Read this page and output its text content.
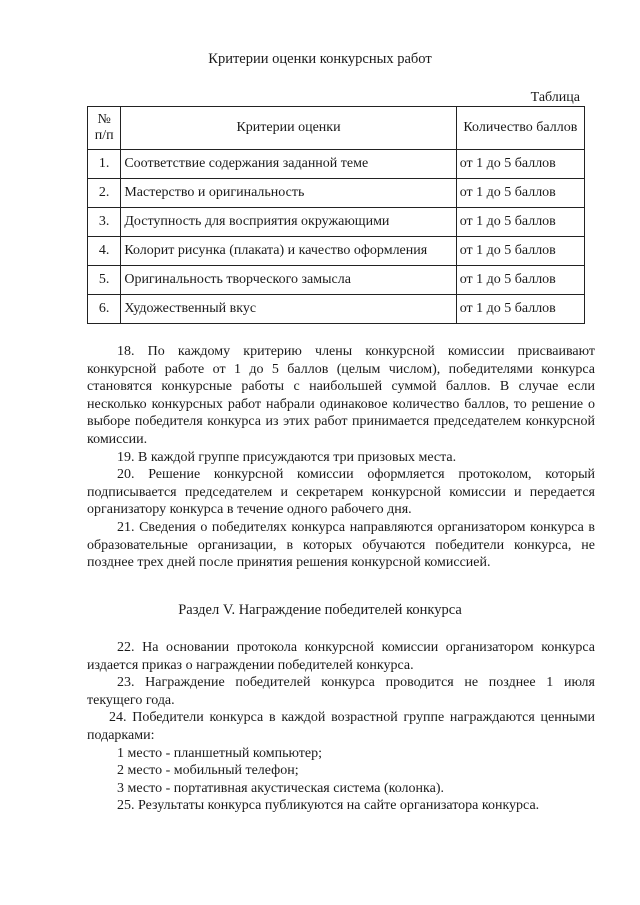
Критерии оценки конкурсных работ
Таблица
№ п/п	Критерии оценки	Количество баллов
1.	Соответствие содержания заданной теме	от 1 до 5 баллов
2.	Мастерство и оригинальность	от 1 до 5 баллов
3.	Доступность для восприятия окружающими	от 1 до 5 баллов
4.	Колорит рисунка (плаката) и качество оформления	от 1 до 5 баллов
5.	Оригинальность творческого замысла	от 1 до 5 баллов
6.	Художественный вкус	от 1 до 5 баллов

18. По каждому критерию члены конкурсной комиссии присваивают конкурсной работе от 1 до 5 баллов (целым числом), победителями конкурса становятся конкурсные работы с наибольшей суммой баллов. В случае если несколько конкурсных работ набрали одинаковое количество баллов, то решение о выборе победителя конкурса из этих работ принимается председателем конкурсной комиссии.

19. В каждой группе присуждаются три призовых места.

20. Решение конкурсной комиссии оформляется протоколом, который подписывается председателем и секретарем конкурсной комиссии и передается организатору конкурса в течение одного рабочего дня.

21. Сведения о победителях конкурса направляются организатором конкурса в образовательные организации, в которых обучаются победители конкурса, не позднее трех дней после принятия решения конкурсной комиссией.

Раздел V. Награждение победителей конкурса

22. На основании протокола конкурсной комиссии организатором конкурса издается приказ о награждении победителей конкурса.

23. Награждение победителей конкурса проводится не позднее 1 июля текущего года.

24. Победители конкурса в каждой возрастной группе награждаются ценными подарками:

1 место - планшетный компьютер;

2 место - мобильный телефон;

3 место - портативная акустическая система (колонка).

25. Результаты конкурса публикуются на сайте организатора конкурса.
